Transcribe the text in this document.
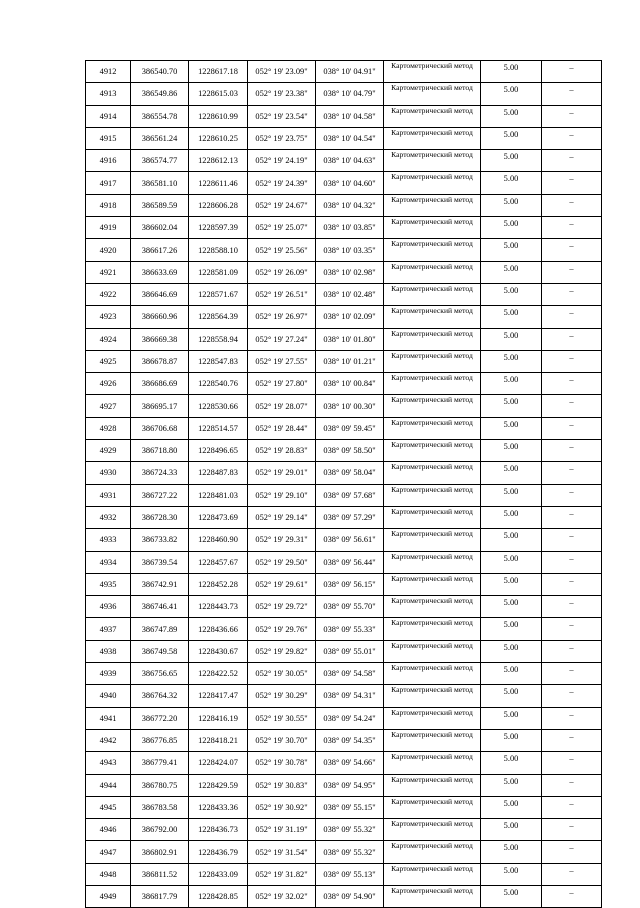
4912	386540.70	1228617.18	052° 19' 23.09"	038° 10' 04.91"	Картометрический метод	5.00	–
4913	386549.86	1228615.03	052° 19' 23.38"	038° 10' 04.79"	Картометрический метод	5.00	–
4914	386554.78	1228610.99	052° 19' 23.54"	038° 10' 04.58"	Картометрический метод	5.00	–
4915	386561.24	1228610.25	052° 19' 23.75"	038° 10' 04.54"	Картометрический метод	5.00	–
4916	386574.77	1228612.13	052° 19' 24.19"	038° 10' 04.63"	Картометрический метод	5.00	–
4917	386581.10	1228611.46	052° 19' 24.39"	038° 10' 04.60"	Картометрический метод	5.00	–
4918	386589.59	1228606.28	052° 19' 24.67"	038° 10' 04.32"	Картометрический метод	5.00	–
4919	386602.04	1228597.39	052° 19' 25.07"	038° 10' 03.85"	Картометрический метод	5.00	–
4920	386617.26	1228588.10	052° 19' 25.56"	038° 10' 03.35"	Картометрический метод	5.00	–
4921	386633.69	1228581.09	052° 19' 26.09"	038° 10' 02.98"	Картометрический метод	5.00	–
4922	386646.69	1228571.67	052° 19' 26.51"	038° 10' 02.48"	Картометрический метод	5.00	–
4923	386660.96	1228564.39	052° 19' 26.97"	038° 10' 02.09"	Картометрический метод	5.00	–
4924	386669.38	1228558.94	052° 19' 27.24"	038° 10' 01.80"	Картометрический метод	5.00	–
4925	386678.87	1228547.83	052° 19' 27.55"	038° 10' 01.21"	Картометрический метод	5.00	–
4926	386686.69	1228540.76	052° 19' 27.80"	038° 10' 00.84"	Картометрический метод	5.00	–
4927	386695.17	1228530.66	052° 19' 28.07"	038° 10' 00.30"	Картометрический метод	5.00	–
4928	386706.68	1228514.57	052° 19' 28.44"	038° 09' 59.45"	Картометрический метод	5.00	–
4929	386718.80	1228496.65	052° 19' 28.83"	038° 09' 58.50"	Картометрический метод	5.00	–
4930	386724.33	1228487.83	052° 19' 29.01"	038° 09' 58.04"	Картометрический метод	5.00	–
4931	386727.22	1228481.03	052° 19' 29.10"	038° 09' 57.68"	Картометрический метод	5.00	–
4932	386728.30	1228473.69	052° 19' 29.14"	038° 09' 57.29"	Картометрический метод	5.00	–
4933	386733.82	1228460.90	052° 19' 29.31"	038° 09' 56.61"	Картометрический метод	5.00	–
4934	386739.54	1228457.67	052° 19' 29.50"	038° 09' 56.44"	Картометрический метод	5.00	–
4935	386742.91	1228452.28	052° 19' 29.61"	038° 09' 56.15"	Картометрический метод	5.00	–
4936	386746.41	1228443.73	052° 19' 29.72"	038° 09' 55.70"	Картометрический метод	5.00	–
4937	386747.89	1228436.66	052° 19' 29.76"	038° 09' 55.33"	Картометрический метод	5.00	–
4938	386749.58	1228430.67	052° 19' 29.82"	038° 09' 55.01"	Картометрический метод	5.00	–
4939	386756.65	1228422.52	052° 19' 30.05"	038° 09' 54.58"	Картометрический метод	5.00	–
4940	386764.32	1228417.47	052° 19' 30.29"	038° 09' 54.31"	Картометрический метод	5.00	–
4941	386772.20	1228416.19	052° 19' 30.55"	038° 09' 54.24"	Картометрический метод	5.00	–
4942	386776.85	1228418.21	052° 19' 30.70"	038° 09' 54.35"	Картометрический метод	5.00	–
4943	386779.41	1228424.07	052° 19' 30.78"	038° 09' 54.66"	Картометрический метод	5.00	–
4944	386780.75	1228429.59	052° 19' 30.83"	038° 09' 54.95"	Картометрический метод	5.00	–
4945	386783.58	1228433.36	052° 19' 30.92"	038° 09' 55.15"	Картометрический метод	5.00	–
4946	386792.00	1228436.73	052° 19' 31.19"	038° 09' 55.32"	Картометрический метод	5.00	–
4947	386802.91	1228436.79	052° 19' 31.54"	038° 09' 55.32"	Картометрический метод	5.00	–
4948	386811.52	1228433.09	052° 19' 31.82"	038° 09' 55.13"	Картометрический метод	5.00	–
4949	386817.79	1228428.85	052° 19' 32.02"	038° 09' 54.90"	Картометрический метод	5.00	–
